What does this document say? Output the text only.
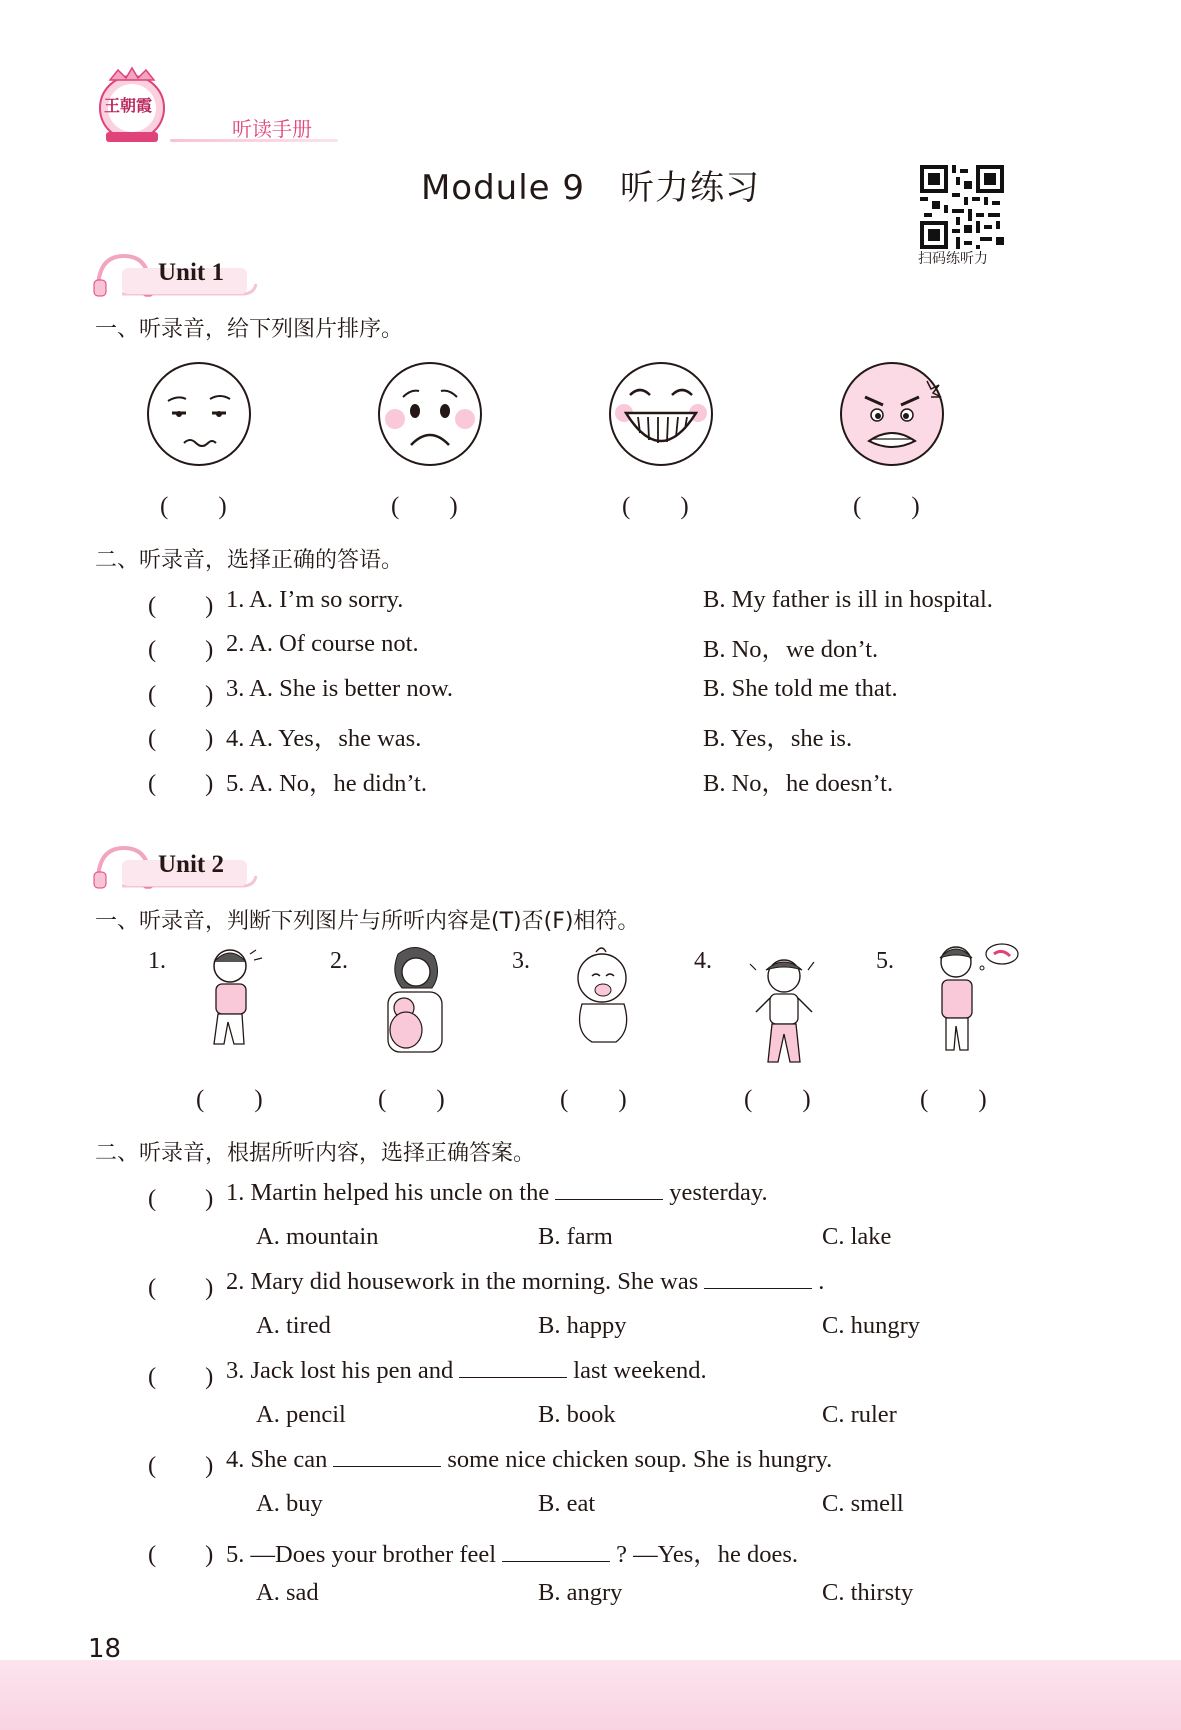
王朝霞
听读手册
Module 9　听力练习
扫码练听力
Unit 1
一、听录音，给下列图片排序。
(　　)	(　　)	(　　)	(　　)
二、听录音，选择正确的答语。
(　　) 1. A. I’m so sorry.	B. My father is ill in hospital.
(　　) 2. A. Of course not.	B. No，we don’t.
(　　) 3. A. She is better now.	B. She told me that.
(　　) 4. A. Yes，she was.	B. Yes，she is.
(　　) 5. A. No，he didn’t.	B. No，he doesn’t.
Unit 2
一、听录音，判断下列图片与所听内容是(T)否(F)相符。
1.	2.	3.	4.	5.
(　　)	(　　)	(　　)	(　　)	(　　)
二、听录音，根据所听内容，选择正确答案。
(　　) 1. Martin helped his uncle on the	yesterday.
A. mountain	B. farm	C. lake
(　　) 2. Mary did housework in the morning. She was	.
A. tired	B. happy	C. hungry
(　　) 3. Jack lost his pen and	last weekend.
A. pencil	B. book	C. ruler
(　　) 4. She can	some nice chicken soup. She is hungry.
A. buy	B. eat	C. smell
(　　) 5. —Does your brother feel	? —Yes，he does.
A. sad	B. angry	C. thirsty
18
